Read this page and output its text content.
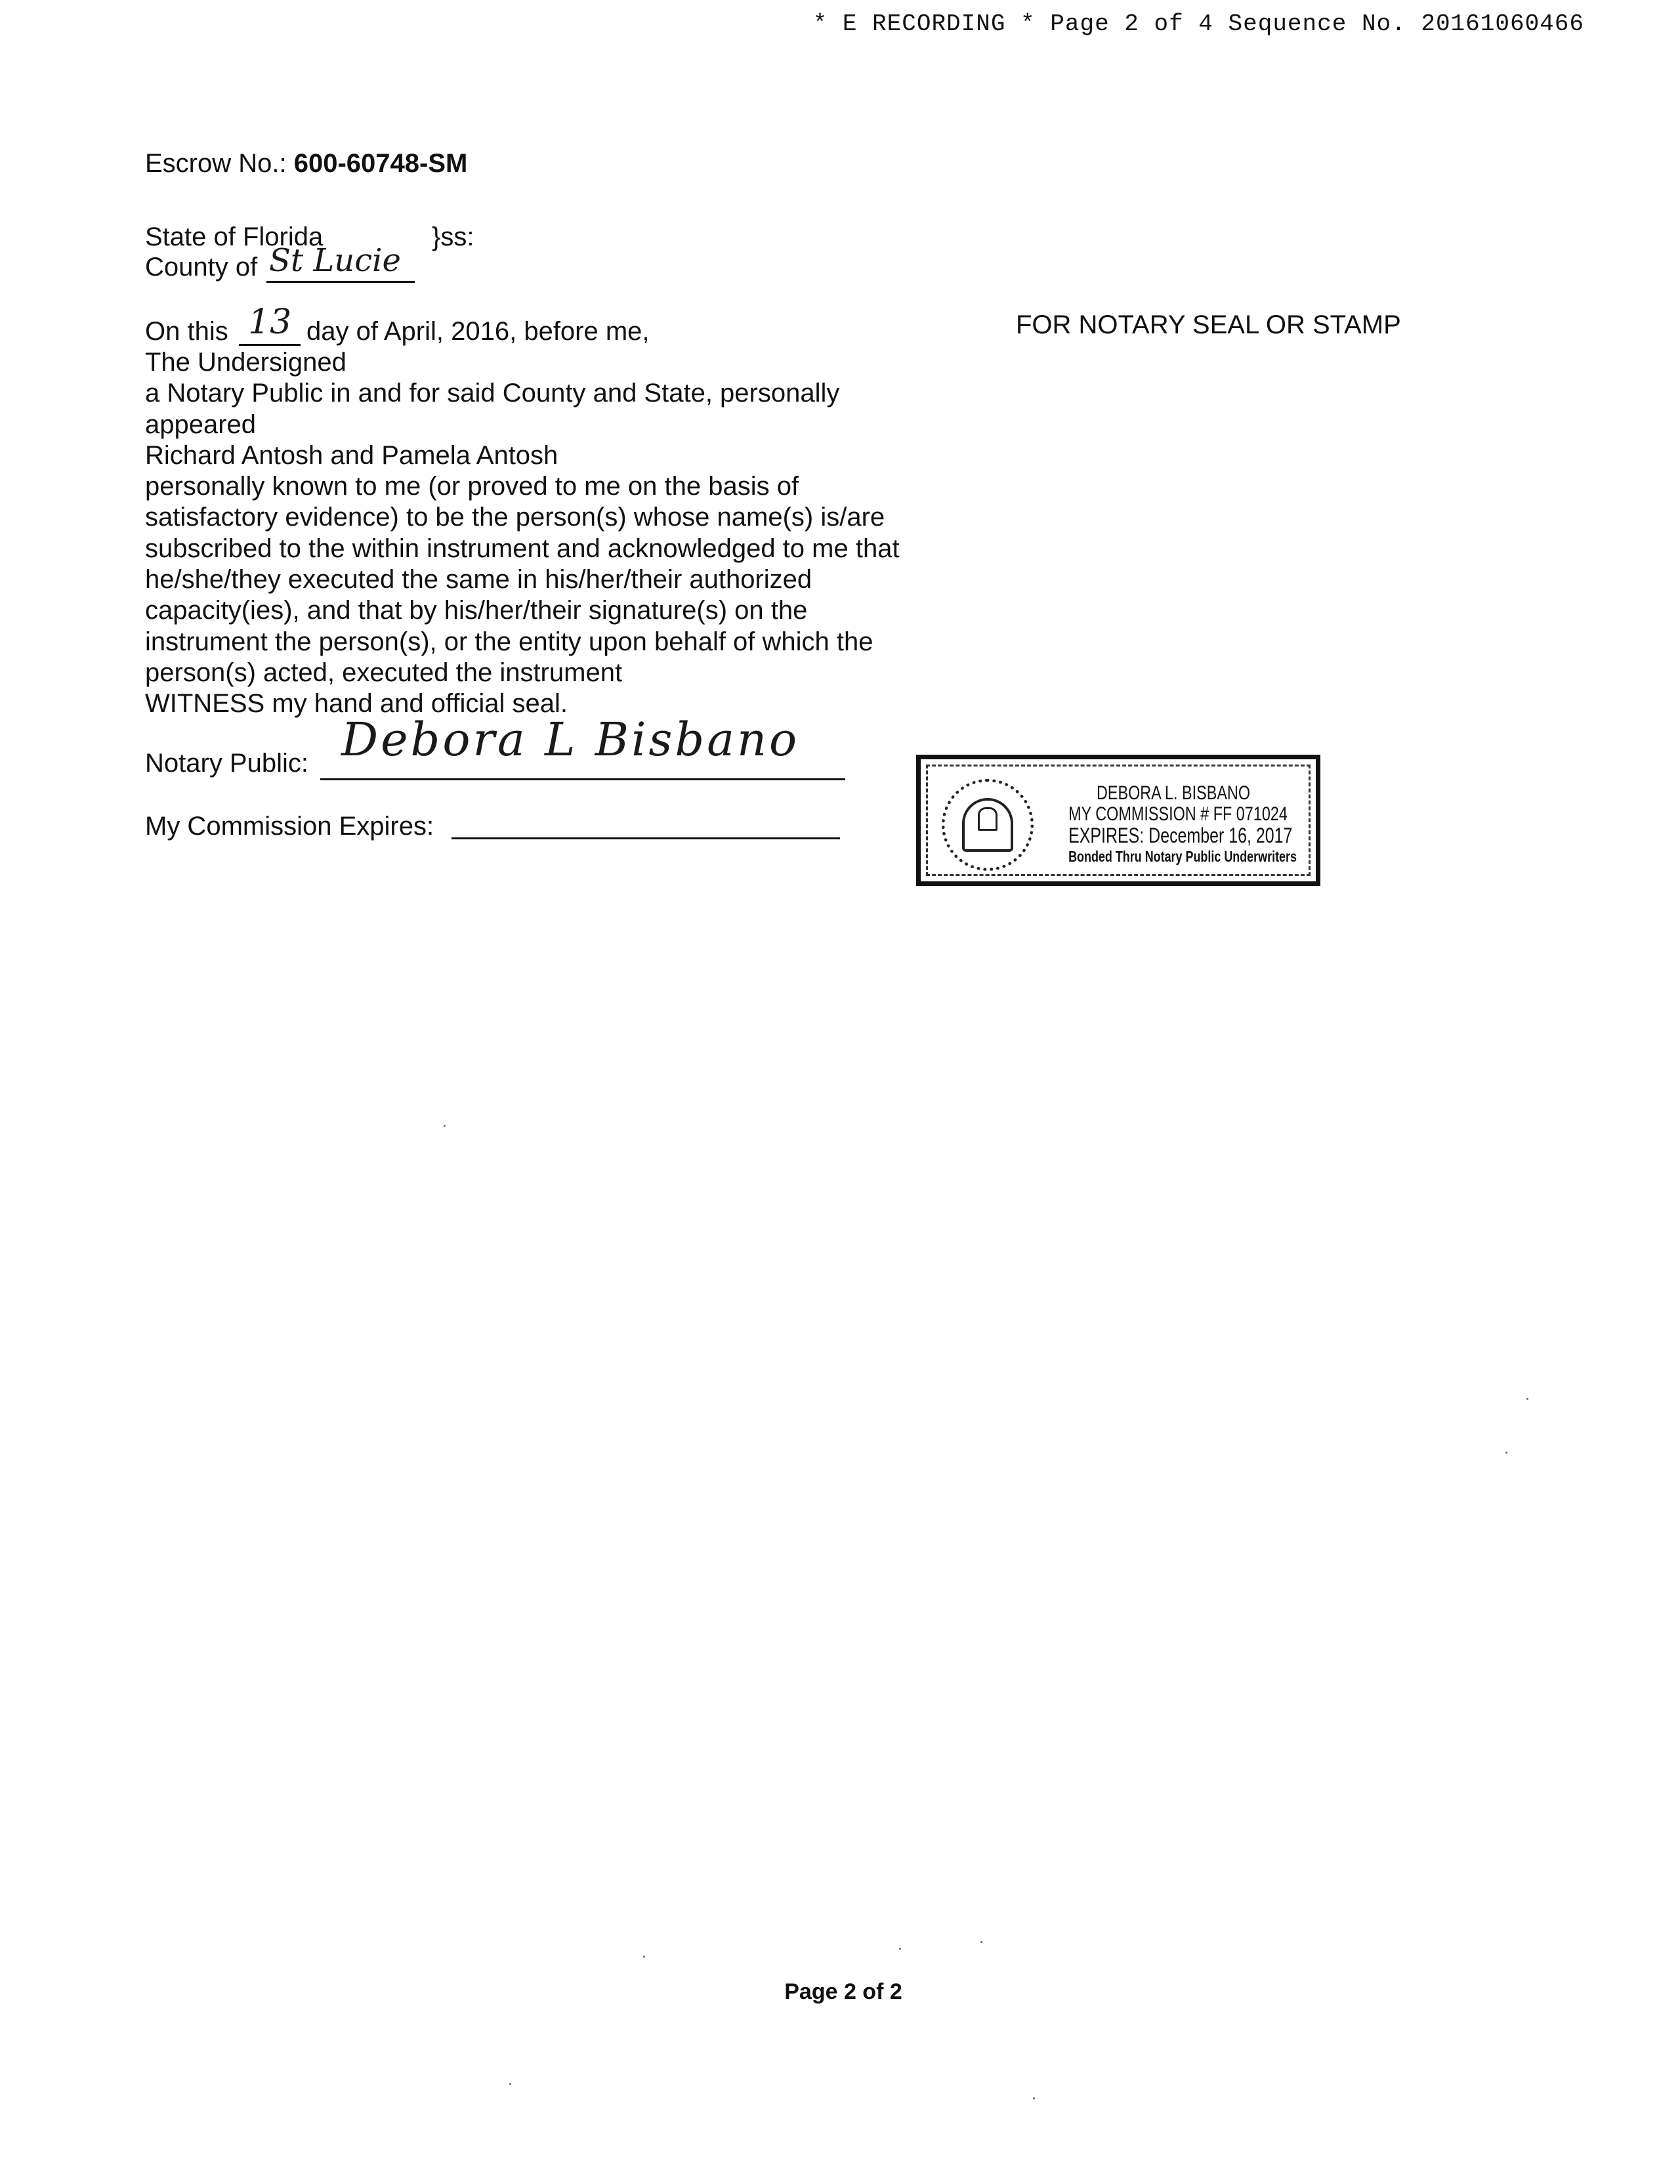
* E RECORDING * Page 2 of 4 Sequence No. 20161060466
Escrow No.: 600-60748-SM
State of Florida	}ss:
County of St Lucie
On this 13 day of April, 2016, before me,
The Undersigned
a Notary Public in and for said County and State, personally
appeared
Richard Antosh and Pamela Antosh
personally known to me (or proved to me on the basis of
satisfactory evidence) to be the person(s) whose name(s) is/are
subscribed to the within instrument and acknowledged to me that
he/she/they executed the same in his/her/their authorized
capacity(ies), and that by his/her/their signature(s) on the
instrument the person(s), or the entity upon behalf of which the
person(s) acted, executed the instrument
WITNESS my hand and official seal.
FOR NOTARY SEAL OR STAMP
Notary Public: Debora L Bisbano
My Commission Expires:
DEBORA L. BISBANO
MY COMMISSION # FF 071024
EXPIRES: December 16, 2017
Bonded Thru Notary Public Underwriters
Page 2 of 2
